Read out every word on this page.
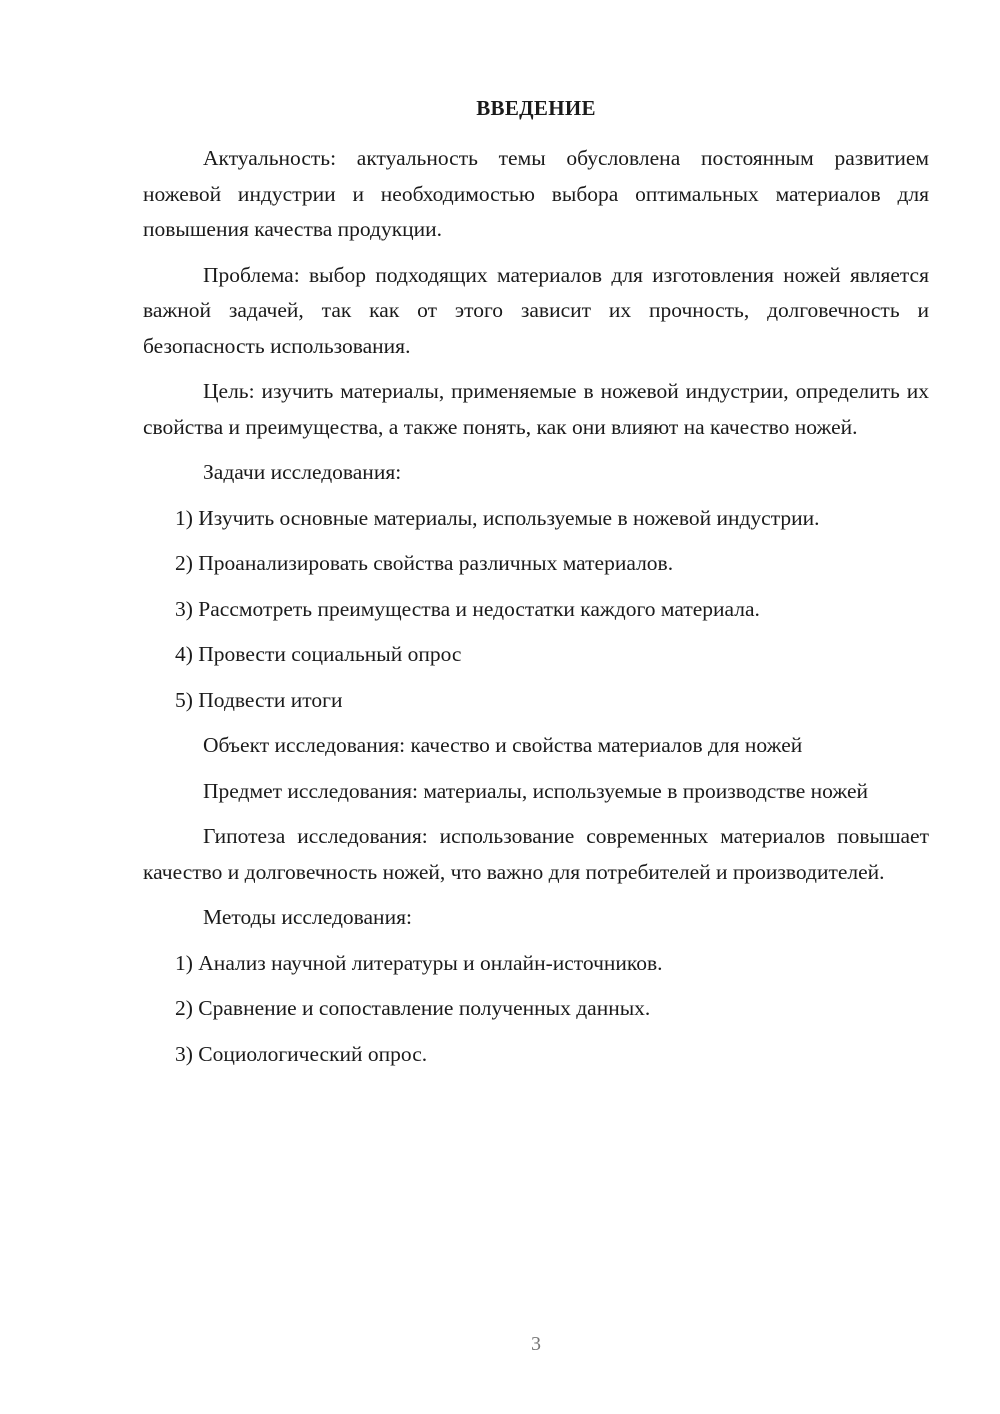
ВВЕДЕНИЕ

Актуальность: актуальность темы обусловлена постоянным развитием ножевой индустрии и необходимостью выбора оптимальных материалов для повышения качества продукции.

Проблема: выбор подходящих материалов для изготовления ножей является важной задачей, так как от этого зависит их прочность, долговечность и безопасность использования.

Цель: изучить материалы, применяемые в ножевой индустрии, определить их свойства и преимущества, а также понять, как они влияют на качество ножей.

Задачи исследования:

1) Изучить основные материалы, используемые в ножевой индустрии.

2) Проанализировать свойства различных материалов.

3) Рассмотреть преимущества и недостатки каждого материала.

4) Провести социальный опрос

5) Подвести итоги

Объект исследования: качество и свойства материалов для ножей

Предмет исследования: материалы, используемые в производстве ножей

Гипотеза исследования: использование современных материалов повышает качество и долговечность ножей, что важно для потребителей и производителей.

Методы исследования:

1) Анализ научной литературы и онлайн-источников.

2) Сравнение и сопоставление полученных данных.

3) Социологический опрос.

3
